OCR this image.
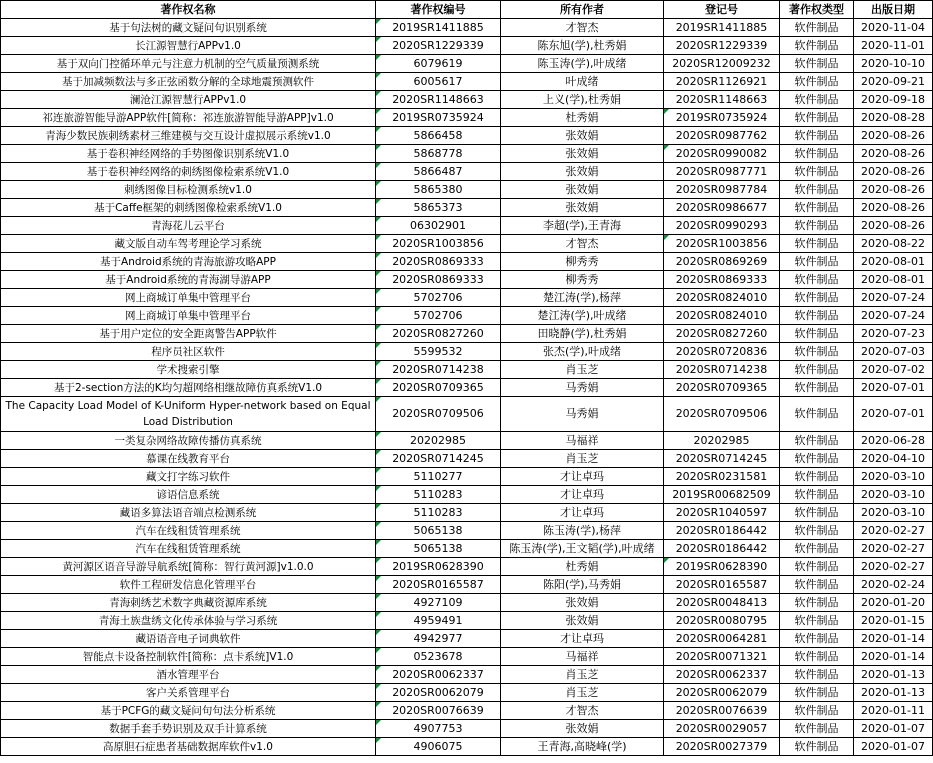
著作权名称	著作权编号	所有作者	登记号	著作权类型	出版日期
基于句法树的藏文疑问句识别系统	2019SR1411885	才智杰	2019SR1411885	软件制品	2020-11-04
长江源智慧行APPv1.0	2020SR1229339	陈东旭(学),杜秀娟	2020SR1229339	软件制品	2020-11-01
基于双向门控循环单元与注意力机制的空气质量预测系统	6079619	陈玉涛(学),叶成绪	2020SR12009232	软件制品	2020-10-10
基于加减频数法与多正弦函数分解的全球地震预测软件	6005617	叶成绪	2020SR1126921	软件制品	2020-09-21
澜沧江源智慧行APPv1.0	2020SR1148663	上义(学),杜秀娟	2020SR1148663	软件制品	2020-09-18
祁连旅游智能导游APP软件[简称：祁连旅游智能导游APP]v1.0	2019SR0735924	杜秀娟	2019SR0735924	软件制品	2020-08-28
青海少数民族刺绣素材三维建模与交互设计虚拟展示系统v1.0	5866458	张效娟	2020SR0987762	软件制品	2020-08-26
基于卷积神经网络的手势图像识别系统V1.0	5868778	张效娟	2020SR0990082	软件制品	2020-08-26
基于卷积神经网络的刺绣图像检索系统V1.0	5866487	张效娟	2020SR0987771	软件制品	2020-08-26
刺绣图像目标检测系统v1.0	5865380	张效娟	2020SR0987784	软件制品	2020-08-26
基于Caffe框架的刺绣图像检索系统V1.0	5865373	张效娟	2020SR0986677	软件制品	2020-08-26
青海花儿云平台	06302901	李超(学),王青海	2020SR0990293	软件制品	2020-08-26
藏文版自动车驾考理论学习系统	2020SR1003856	才智杰	2020SR1003856	软件制品	2020-08-22
基于Android系统的青海旅游攻略APP	2020SR0869333	柳秀秀	2020SR0869269	软件制品	2020-08-01
基于Android系统的青海湖导游APP	2020SR0869333	柳秀秀	2020SR0869333	软件制品	2020-08-01
网上商城订单集中管理平台	5702706	楚江涛(学),杨萍	2020SR0824010	软件制品	2020-07-24
网上商城订单集中管理平台	5702706	楚江涛(学),叶成绪	2020SR0824010	软件制品	2020-07-24
基于用户定位的安全距离警告APP软件	2020SR0827260	田晓静(学),杜秀娟	2020SR0827260	软件制品	2020-07-23
程序员社区软件	5599532	张杰(学),叶成绪	2020SR0720836	软件制品	2020-07-03
学术搜索引擎	2020SR0714238	肖玉芝	2020SR0714238	软件制品	2020-07-02
基于2-section方法的K均匀超网络相继故障仿真系统V1.0	2020SR0709365	马秀娟	2020SR0709365	软件制品	2020-07-01
The Capacity Load Model of K-Uniform Hyper-network based on Equal Load Distribution	2020SR0709506	马秀娟	2020SR0709506	软件制品	2020-07-01
一类复杂网络故障传播仿真系统	20202985	马福祥	20202985	软件制品	2020-06-28
慕课在线教育平台	2020SR0714245	肖玉芝	2020SR0714245	软件制品	2020-04-10
藏文打字练习软件	5110277	才让卓玛	2020SR0231581	软件制品	2020-03-10
谚语信息系统	5110283	才让卓玛	2019SR00682509	软件制品	2020-03-10
藏语多算法语音端点检测系统	5110283	才让卓玛	2020SR1040597	软件制品	2020-03-10
汽车在线租赁管理系统	5065138	陈玉涛(学),杨萍	2020SR0186442	软件制品	2020-02-27
汽车在线租赁管理系统	5065138	陈玉涛(学),王文韬(学),叶成绪	2020SR0186442	软件制品	2020-02-27
黄河源区语音导游导航系统[简称：智行黄河源]v1.0.0	2019SR0628390	杜秀娟	2019SR0628390	软件制品	2020-02-27
软件工程研发信息化管理平台	2020SR0165587	陈阳(学),马秀娟	2020SR0165587	软件制品	2020-02-24
青海刺绣艺术数字典藏资源库系统	4927109	张效娟	2020SR0048413	软件制品	2020-01-20
青海土族盘绣文化传承体验与学习系统	4959491	张效娟	2020SR0080795	软件制品	2020-01-15
藏语语音电子词典软件	4942977	才让卓玛	2020SR0064281	软件制品	2020-01-14
智能点卡设备控制软件[简称：点卡系统]V1.0	0523678	马福祥	2020SR0071321	软件制品	2020-01-14
酒水管理平台	2020SR0062337	肖玉芝	2020SR0062337	软件制品	2020-01-13
客户关系管理平台	2020SR0062079	肖玉芝	2020SR0062079	软件制品	2020-01-13
基于PCFG的藏文疑问句句法分析系统	2020SR0076639	才智杰	2020SR0076639	软件制品	2020-01-11
数据手套手势识别及双手计算系统	4907753	张效娟	2020SR0029057	软件制品	2020-01-07
高原胆石症患者基础数据库软件v1.0	4906075	王青海,高晓峰(学)	2020SR0027379	软件制品	2020-01-07
